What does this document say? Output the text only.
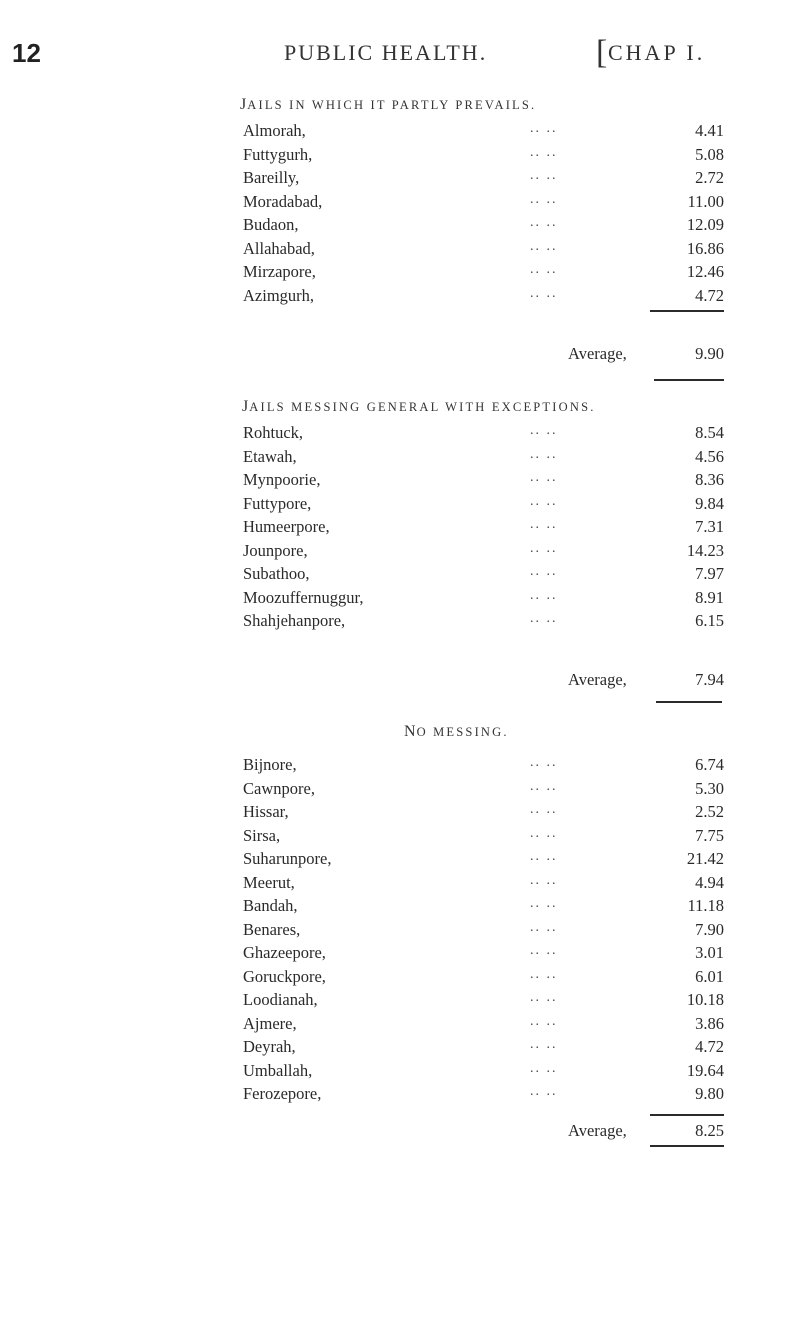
12	PUBLIC HEALTH.	[ CHAP I.
JAILS IN WHICH IT PARTLY PREVAILS.
Almorah,	.. ..	4.41
Futtygurh,	.. ..	5.08
Bareilly,	.. ..	2.72
Moradabad,	.. ..	11.00
Budaon,	.. ..	12.09
Allahabad,	.. ..	16.86
Mirzapore,	.. ..	12.46
Azimgurh,	.. ..	4.72
Average,	9.90
JAILS MESSING GENERAL WITH EXCEPTIONS.
Rohtuck,	.. ..	8.54
Etawah,	.. ..	4.56
Mynpoorie,	.. ..	8.36
Futtypore,	.. ..	9.84
Humeerpore,	.. ..	7.31
Jounpore,	.. ..	14.23
Subathoo,	.. ..	7.97
Moozuffernuggur,	.. ..	8.91
Shahjehanpore,	.. ..	6.15
Average,	7.94
NO MESSING.
Bijnore,	.. ..	6.74
Cawnpore,	.. ..	5.30
Hissar,	.. ..	2.52
Sirsa,	.. ..	7.75
Suharunpore,	.. ..	21.42
Meerut,	.. ..	4.94
Bandah,	.. ..	11.18
Benares,	.. ..	7.90
Ghazeepore,	.. ..	3.01
Goruckpore,	.. ..	6.01
Loodianah,	.. ..	10.18
Ajmere,	.. ..	3.86
Deyrah,	.. ..	4.72
Umballah,	.. ..	19.64
Ferozepore,	.. ..	9.80
Average,	8.25
